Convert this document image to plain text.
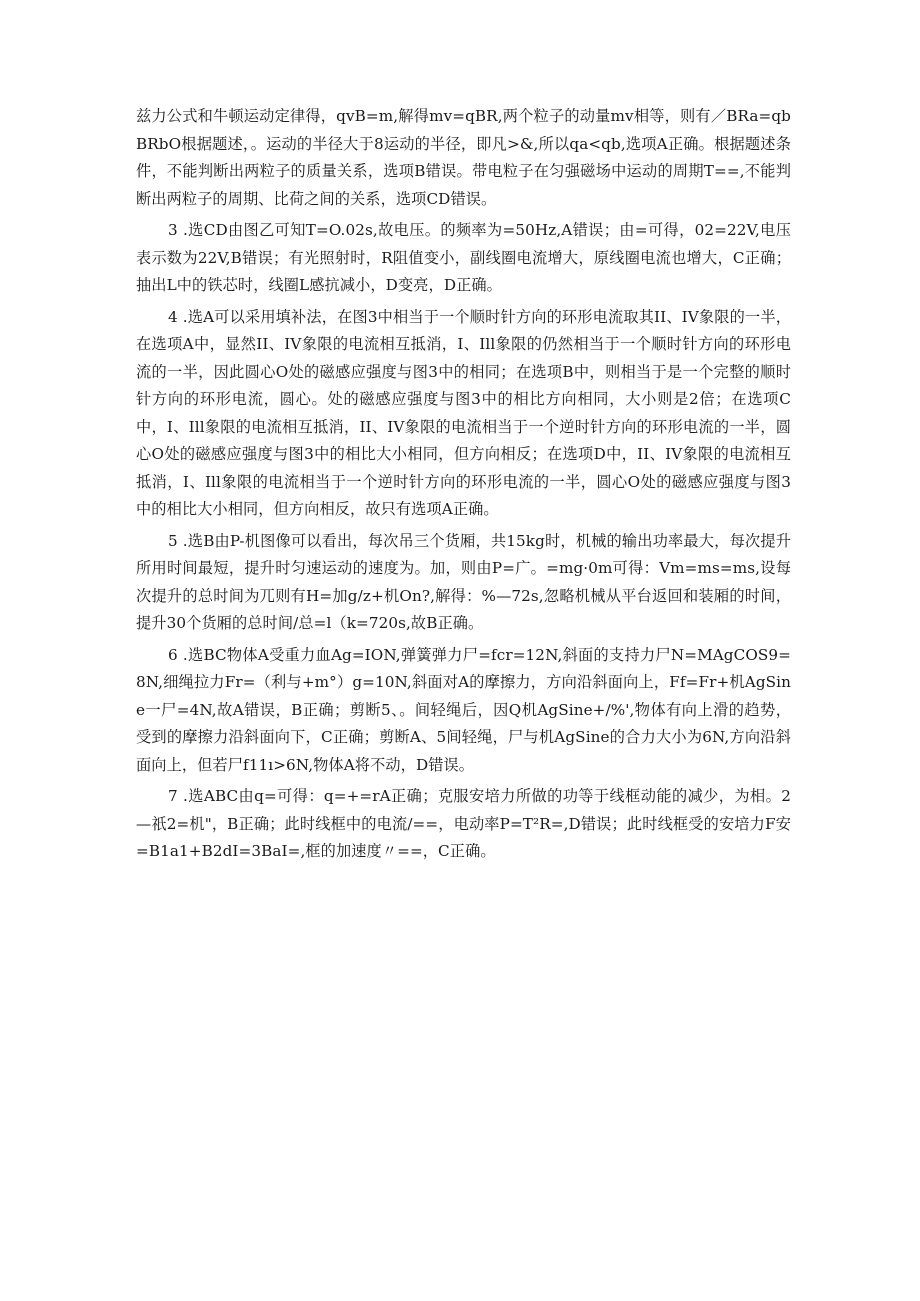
兹力公式和牛顿运动定律得，qvB=m,解得mv=qBR,两个粒子的动量mv相等，则有／BRa=qbBRbO根据题述，。运动的半径大于8运动的半径，即凡>&,所以qa<qb,选项A正确。根据题述条件，不能判断出两粒子的质量关系，选项B错误。带电粒子在匀强磁场中运动的周期T==,不能判断出两粒子的周期、比荷之间的关系，选项CD错误。

3 .选CD由图乙可知T=O.02s,故电压。的频率为=50Hz,A错误；由=可得，02=22V,电压表示数为22V,B错误；有光照射时，R阻值变小，副线圈电流增大，原线圈电流也增大，C正确；抽出L中的铁芯时，线圈L感抗减小，D变亮，D正确。

4 .选A可以采用填补法，在图3中相当于一个顺时针方向的环形电流取其II、IV象限的一半，在选项A中，显然II、IV象限的电流相互抵消，I、Ill象限的仍然相当于一个顺时针方向的环形电流的一半，因此圆心O处的磁感应强度与图3中的相同；在选项B中，则相当于是一个完整的顺时针方向的环形电流，圆心。处的磁感应强度与图3中的相比方向相同，大小则是2倍；在选项C中，I、Ill象限的电流相互抵消，II、IV象限的电流相当于一个逆时针方向的环形电流的一半，圆心O处的磁感应强度与图3中的相比大小相同，但方向相反；在选项D中，II、IV象限的电流相互抵消，I、Ill象限的电流相当于一个逆时针方向的环形电流的一半，圆心O处的磁感应强度与图3中的相比大小相同，但方向相反，故只有选项A正确。

5 .选B由P-机图像可以看出，每次吊三个货厢，共15kg时，机械的输出功率最大，每次提升所用时间最短，提升时匀速运动的速度为。加，则由P=广。=mg·0m可得：Vm=ms=ms,设每次提升的总时间为兀则有H=加g/z+机On?,解得：%—72s,忽略机械从平台返回和装厢的时间，提升30个货厢的总时间/总=l（k=720s,故B正确。

6 .选BC物体A受重力血Ag=ION,弹簧弹力尸=fcr=12N,斜面的支持力尸N=MAgCOS9=8N,细绳拉力Fr=（利与+m°）g=10N,斜面对A的摩擦力，方向沿斜面向上，Ff=Fr+机AgSine一尸=4N,故A错误，B正确；剪断5、。间轻绳后，因Q机AgSine+/%',物体有向上滑的趋势，受到的摩擦力沿斜面向下，C正确；剪断A、5间轻绳，尸与机AgSine的合力大小为6N,方向沿斜面向上，但若尸f11ı>6N,物体A将不动，D错误。

7 .选ABC由q=可得：q=+=rA正确；克服安培力所做的功等于线框动能的减少，为相。2—祇2=机"，B正确；此时线框中的电流/==，电动率P=T²R=,D错误；此时线框受的安培力F安=B1a1+B2dI=3BaI=,框的加速度〃==，C正确。
